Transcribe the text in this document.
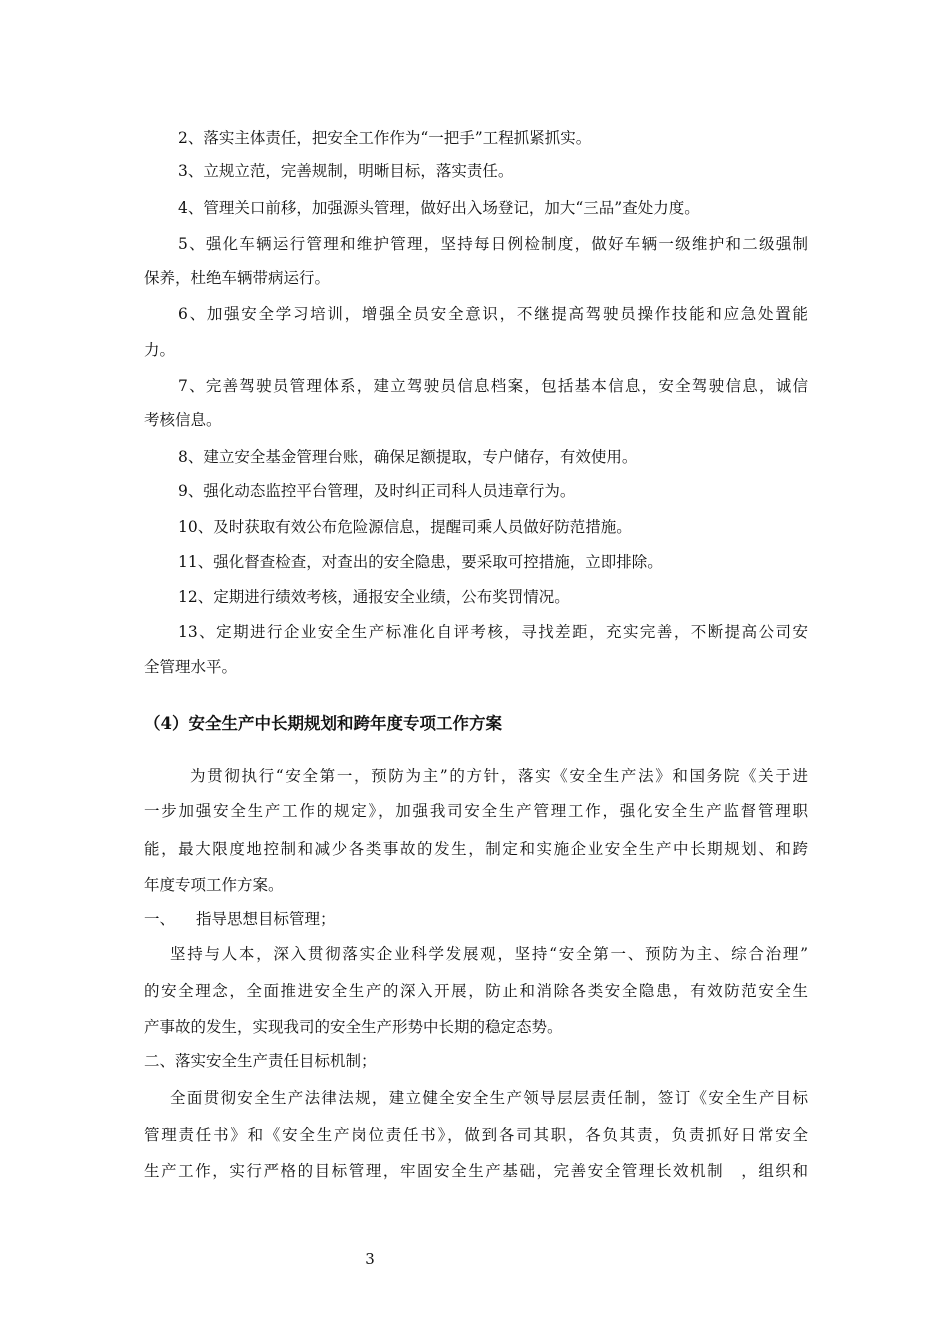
2、落实主体责任，把安全工作作为“一把手”工程抓紧抓实。
3、立规立范，完善规制，明晰目标，落实责任。
4、管理关口前移，加强源头管理，做好出入场登记，加大“三品”查处力度。
5、强化车辆运行管理和维护管理，坚持每日例检制度，做好车辆一级维护和二级强制
保养，杜绝车辆带病运行。
6、加强安全学习培训，增强全员安全意识，不继提高驾驶员操作技能和应急处置能
力。
7、完善驾驶员管理体系，建立驾驶员信息档案，包括基本信息，安全驾驶信息，诚信
考核信息。
8、建立安全基金管理台账，确保足额提取，专户储存，有效使用。
9、强化动态监控平台管理，及时纠正司科人员违章行为。
10、及时获取有效公布危险源信息，提醒司乘人员做好防范措施。
11、强化督查检查，对查出的安全隐患，要采取可控措施，立即排除。
12、定期进行绩效考核，通报安全业绩，公布奖罚情况。
13、定期进行企业安全生产标准化自评考核，寻找差距，充实完善，不断提高公司安
全管理水平。
（4）安全生产中长期规划和跨年度专项工作方案
为贯彻执行“安全第一，预防为主”的方针，落实《安全生产法》和国务院《关于进
一步加强安全生产工作的规定》，加强我司安全生产管理工作，强化安全生产监督管理职
能，最大限度地控制和减少各类事故的发生，制定和实施企业安全生产中长期规划、和跨
年度专项工作方案。
一、 指导思想目标管理；
坚持与人本，深入贯彻落实企业科学发展观，坚持“安全第一、预防为主、综合治理”
的安全理念，全面推进安全生产的深入开展，防止和消除各类安全隐患，有效防范安全生
产事故的发生，实现我司的安全生产形势中长期的稳定态势。
二、落实安全生产责任目标机制；
全面贯彻安全生产法律法规，建立健全安全生产领导层层责任制，签订《安全生产目标
管理责任书》和《安全生产岗位责任书》，做到各司其职，各负其责，负责抓好日常安全
生产工作，实行严格的目标管理，牢固安全生产基础，完善安全管理长效机制　，组织和
3
